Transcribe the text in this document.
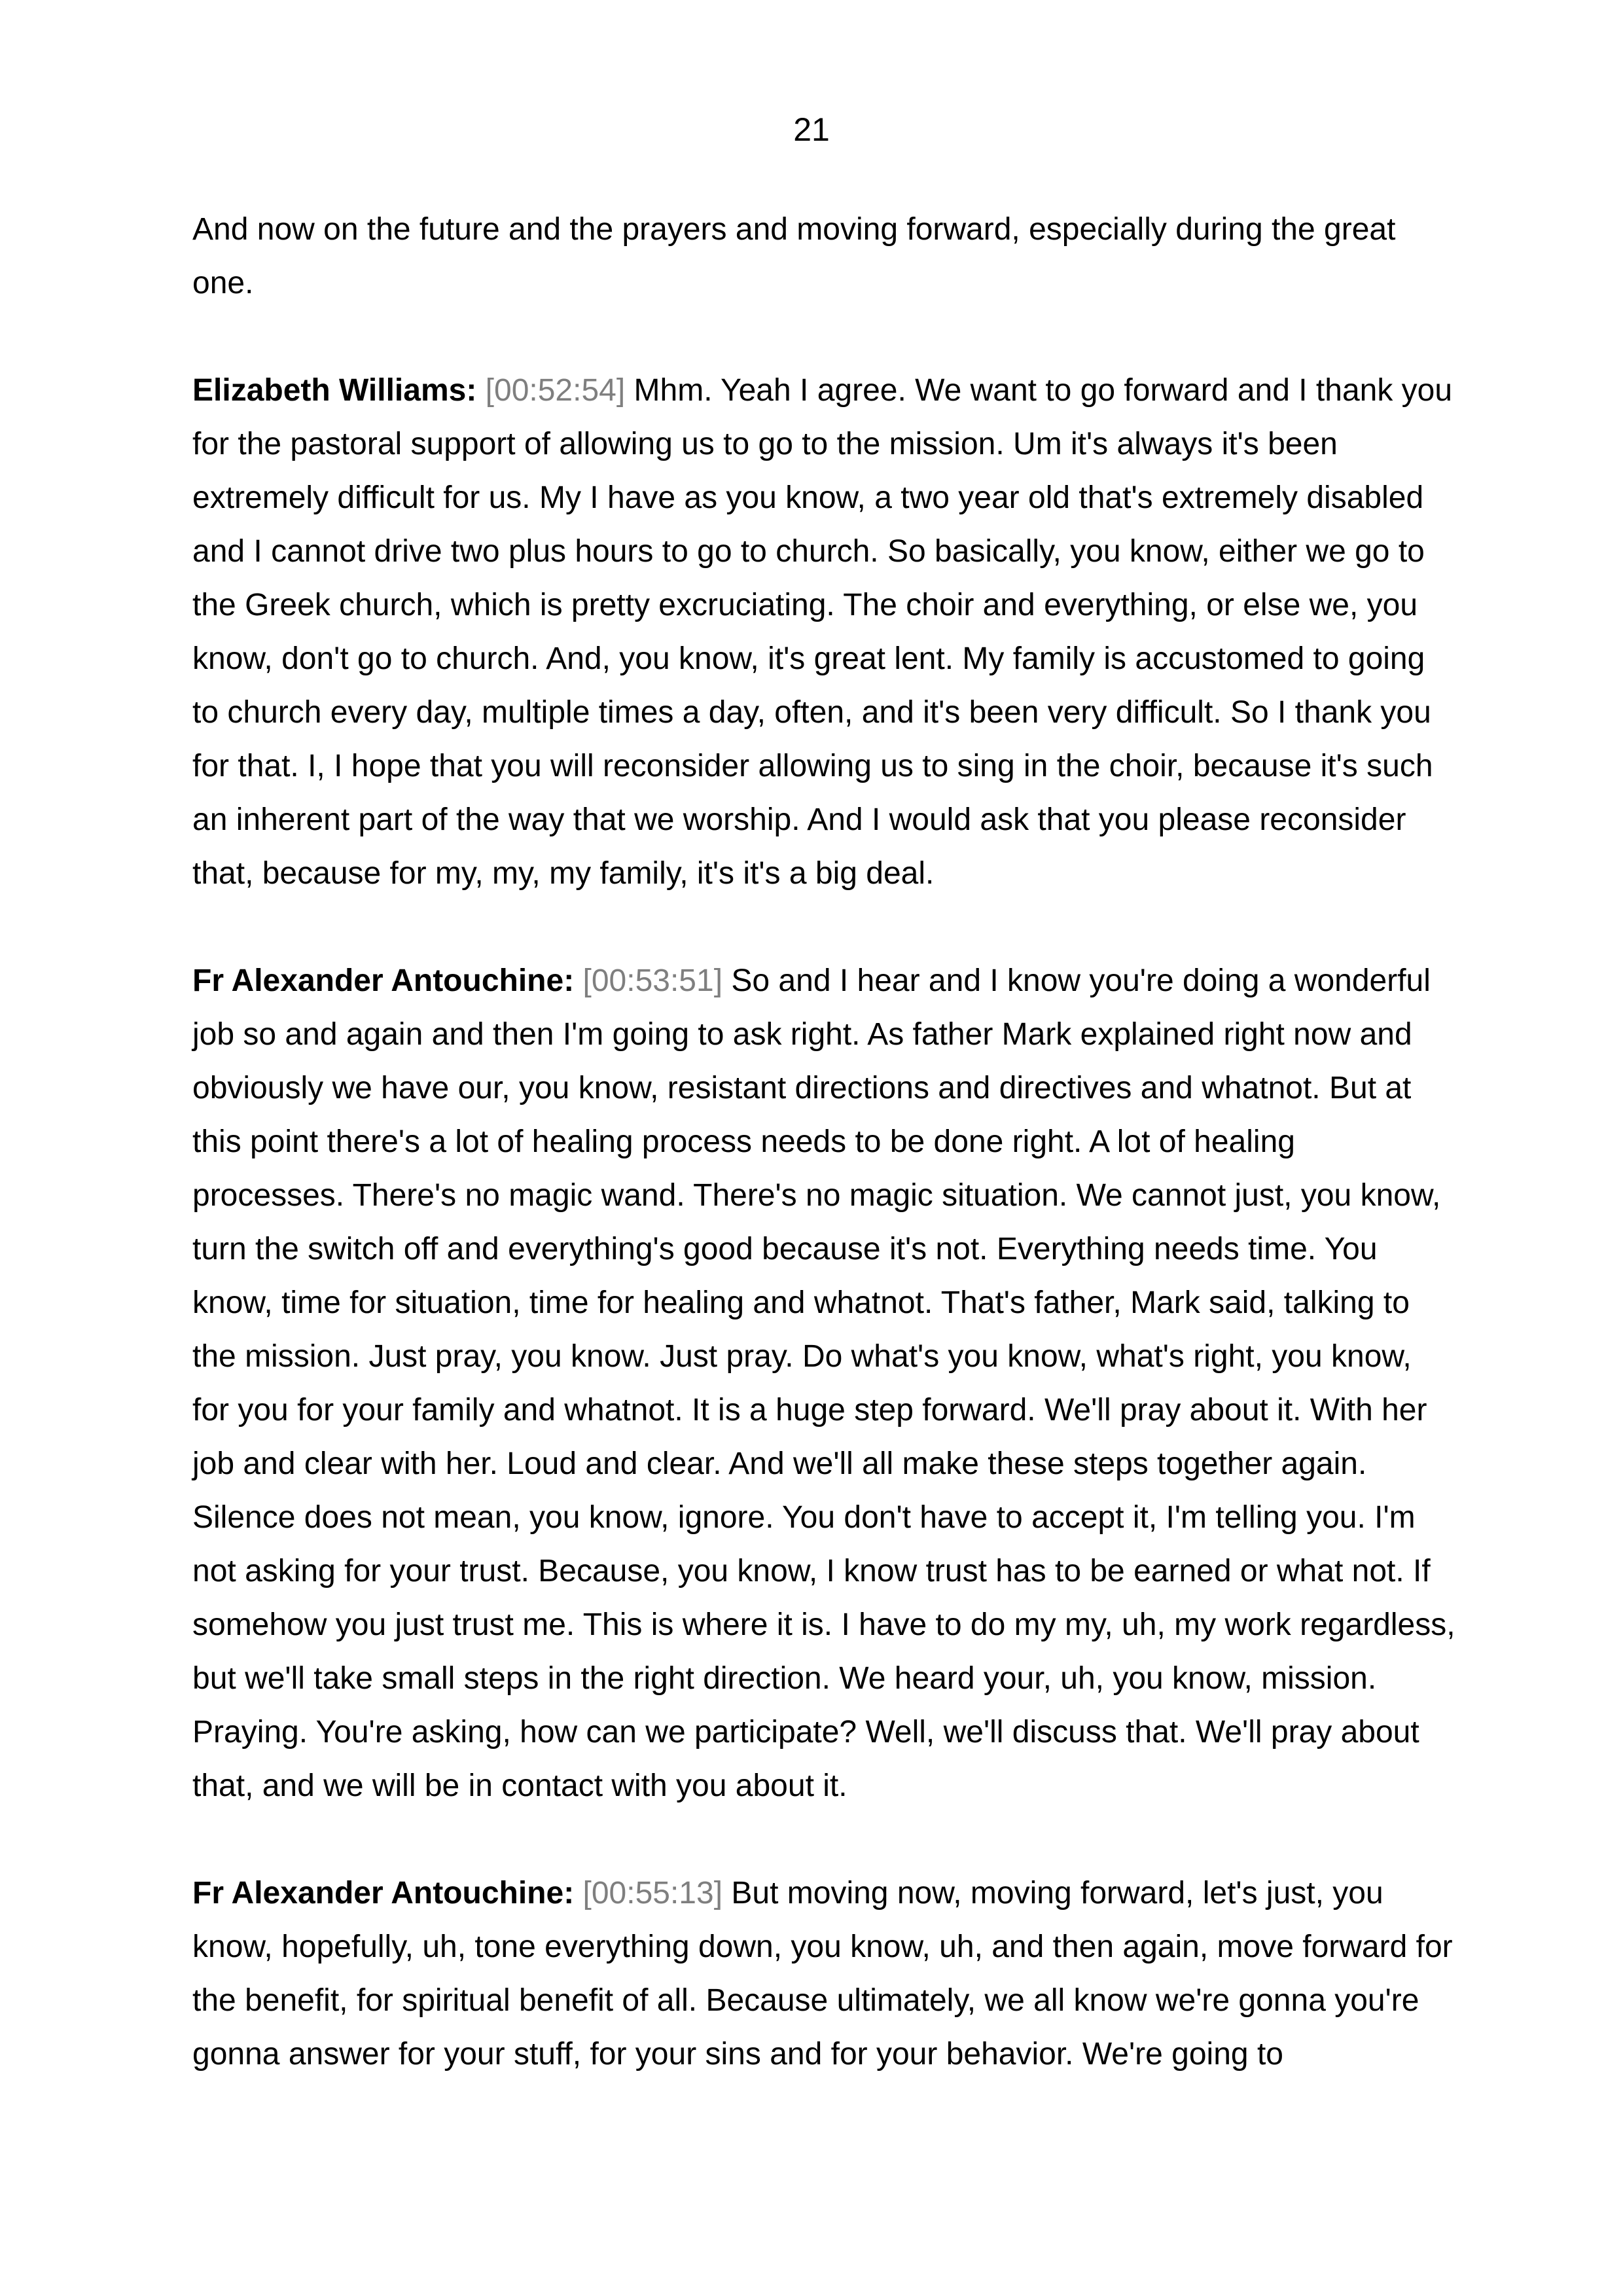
21

And now on the future and the prayers and moving forward, especially during the great one.

Elizabeth Williams: [00:52:54] Mhm. Yeah I agree. We want to go forward and I thank you for the pastoral support of allowing us to go to the mission. Um it's always it's been extremely difficult for us. My I have as you know, a two year old that's extremely disabled and I cannot drive two plus hours to go to church. So basically, you know, either we go to the Greek church, which is pretty excruciating. The choir and everything, or else we, you know, don't go to church. And, you know, it's great lent. My family is accustomed to going to church every day, multiple times a day, often, and it's been very difficult. So I thank you for that. I, I hope that you will reconsider allowing us to sing in the choir, because it's such an inherent part of the way that we worship. And I would ask that you please reconsider that, because for my, my, my family, it's it's a big deal.

Fr Alexander Antouchine: [00:53:51] So and I hear and I know you're doing a wonderful job so and again and then I'm going to ask right. As father Mark explained right now and obviously we have our, you know, resistant directions and directives and whatnot. But at this point there's a lot of healing process needs to be done right. A lot of healing processes. There's no magic wand. There's no magic situation. We cannot just, you know, turn the switch off and everything's good because it's not. Everything needs time. You know, time for situation, time for healing and whatnot. That's father, Mark said, talking to the mission. Just pray, you know. Just pray. Do what's you know, what's right, you know, for you for your family and whatnot. It is a huge step forward. We'll pray about it. With her job and clear with her. Loud and clear. And we'll all make these steps together again. Silence does not mean, you know, ignore. You don't have to accept it, I'm telling you. I'm not asking for your trust. Because, you know, I know trust has to be earned or what not. If somehow you just trust me. This is where it is. I have to do my my, uh, my work regardless, but we'll take small steps in the right direction. We heard your, uh, you know, mission. Praying. You're asking, how can we participate? Well, we'll discuss that. We'll pray about that, and we will be in contact with you about it.

Fr Alexander Antouchine: [00:55:13] But moving now, moving forward, let's just, you know, hopefully, uh, tone everything down, you know, uh, and then again, move forward for the benefit, for spiritual benefit of all. Because ultimately, we all know we're gonna you're gonna answer for your stuff, for your sins and for your behavior. We're going to
